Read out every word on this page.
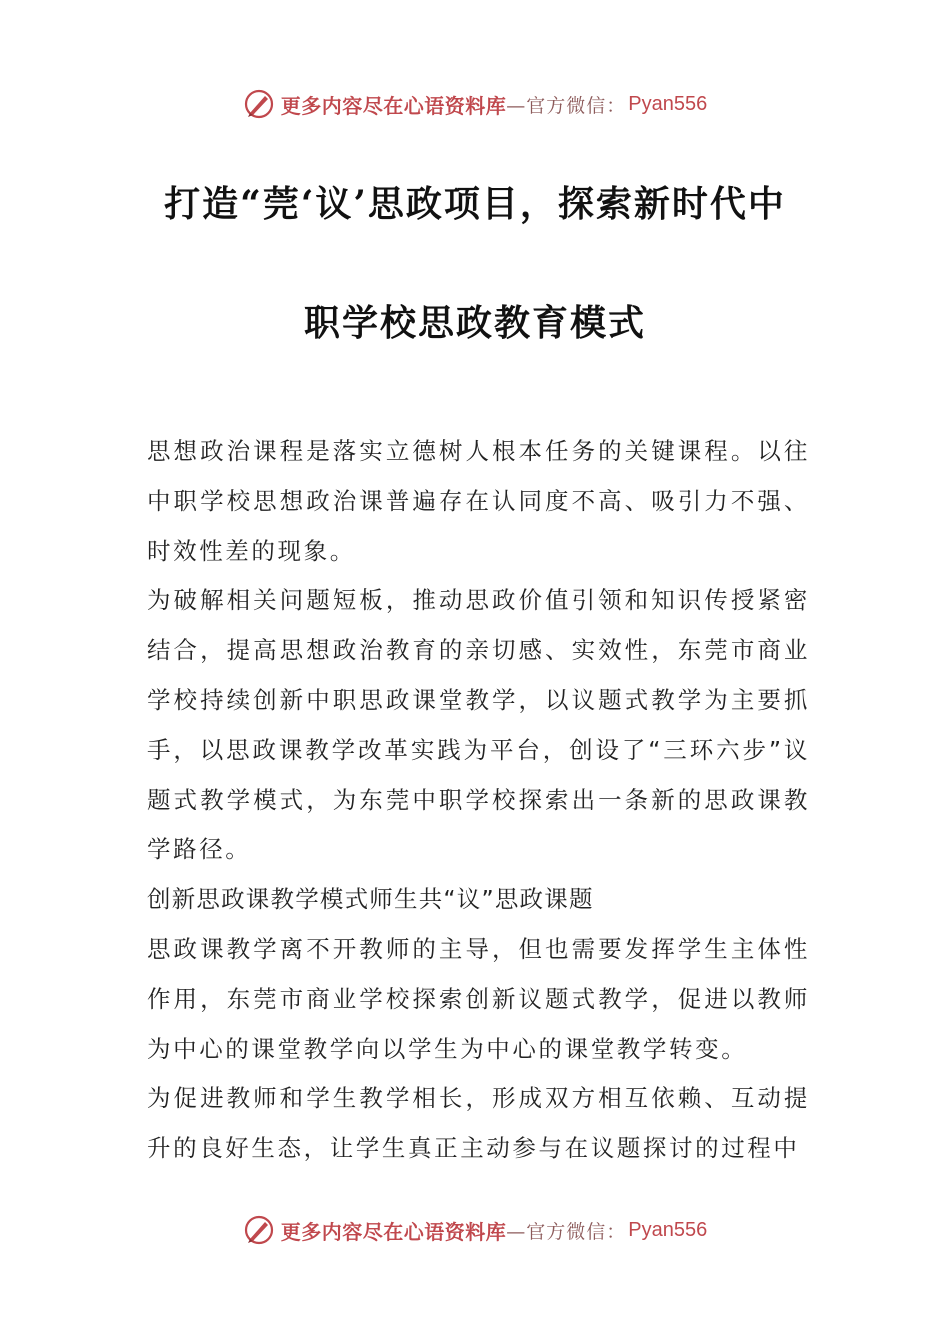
更多内容尽在心语资料库 —官方微信： Pyan556
打造“莞‘议’思政项目，探索新时代中
职学校思政教育模式

思想政治课程是落实立德树人根本任务的关键课程。以往中职学校思想政治课普遍存在认同度不高、吸引力不强、时效性差的现象。

为破解相关问题短板，推动思政价值引领和知识传授紧密结合，提高思想政治教育的亲切感、实效性，东莞市商业学校持续创新中职思政课堂教学，以议题式教学为主要抓手，以思政课教学改革实践为平台，创设了“三环六步”议题式教学模式，为东莞中职学校探索出一条新的思政课教学路径。

创新思政课教学模式师生共“议”思政课题

思政课教学离不开教师的主导，但也需要发挥学生主体性作用，东莞市商业学校探索创新议题式教学，促进以教师为中心的课堂教学向以学生为中心的课堂教学转变。

为促进教师和学生教学相长，形成双方相互依赖、互动提升的良好生态，让学生真正主动参与在议题探讨的过程中

更多内容尽在心语资料库 —官方微信： Pyan556
